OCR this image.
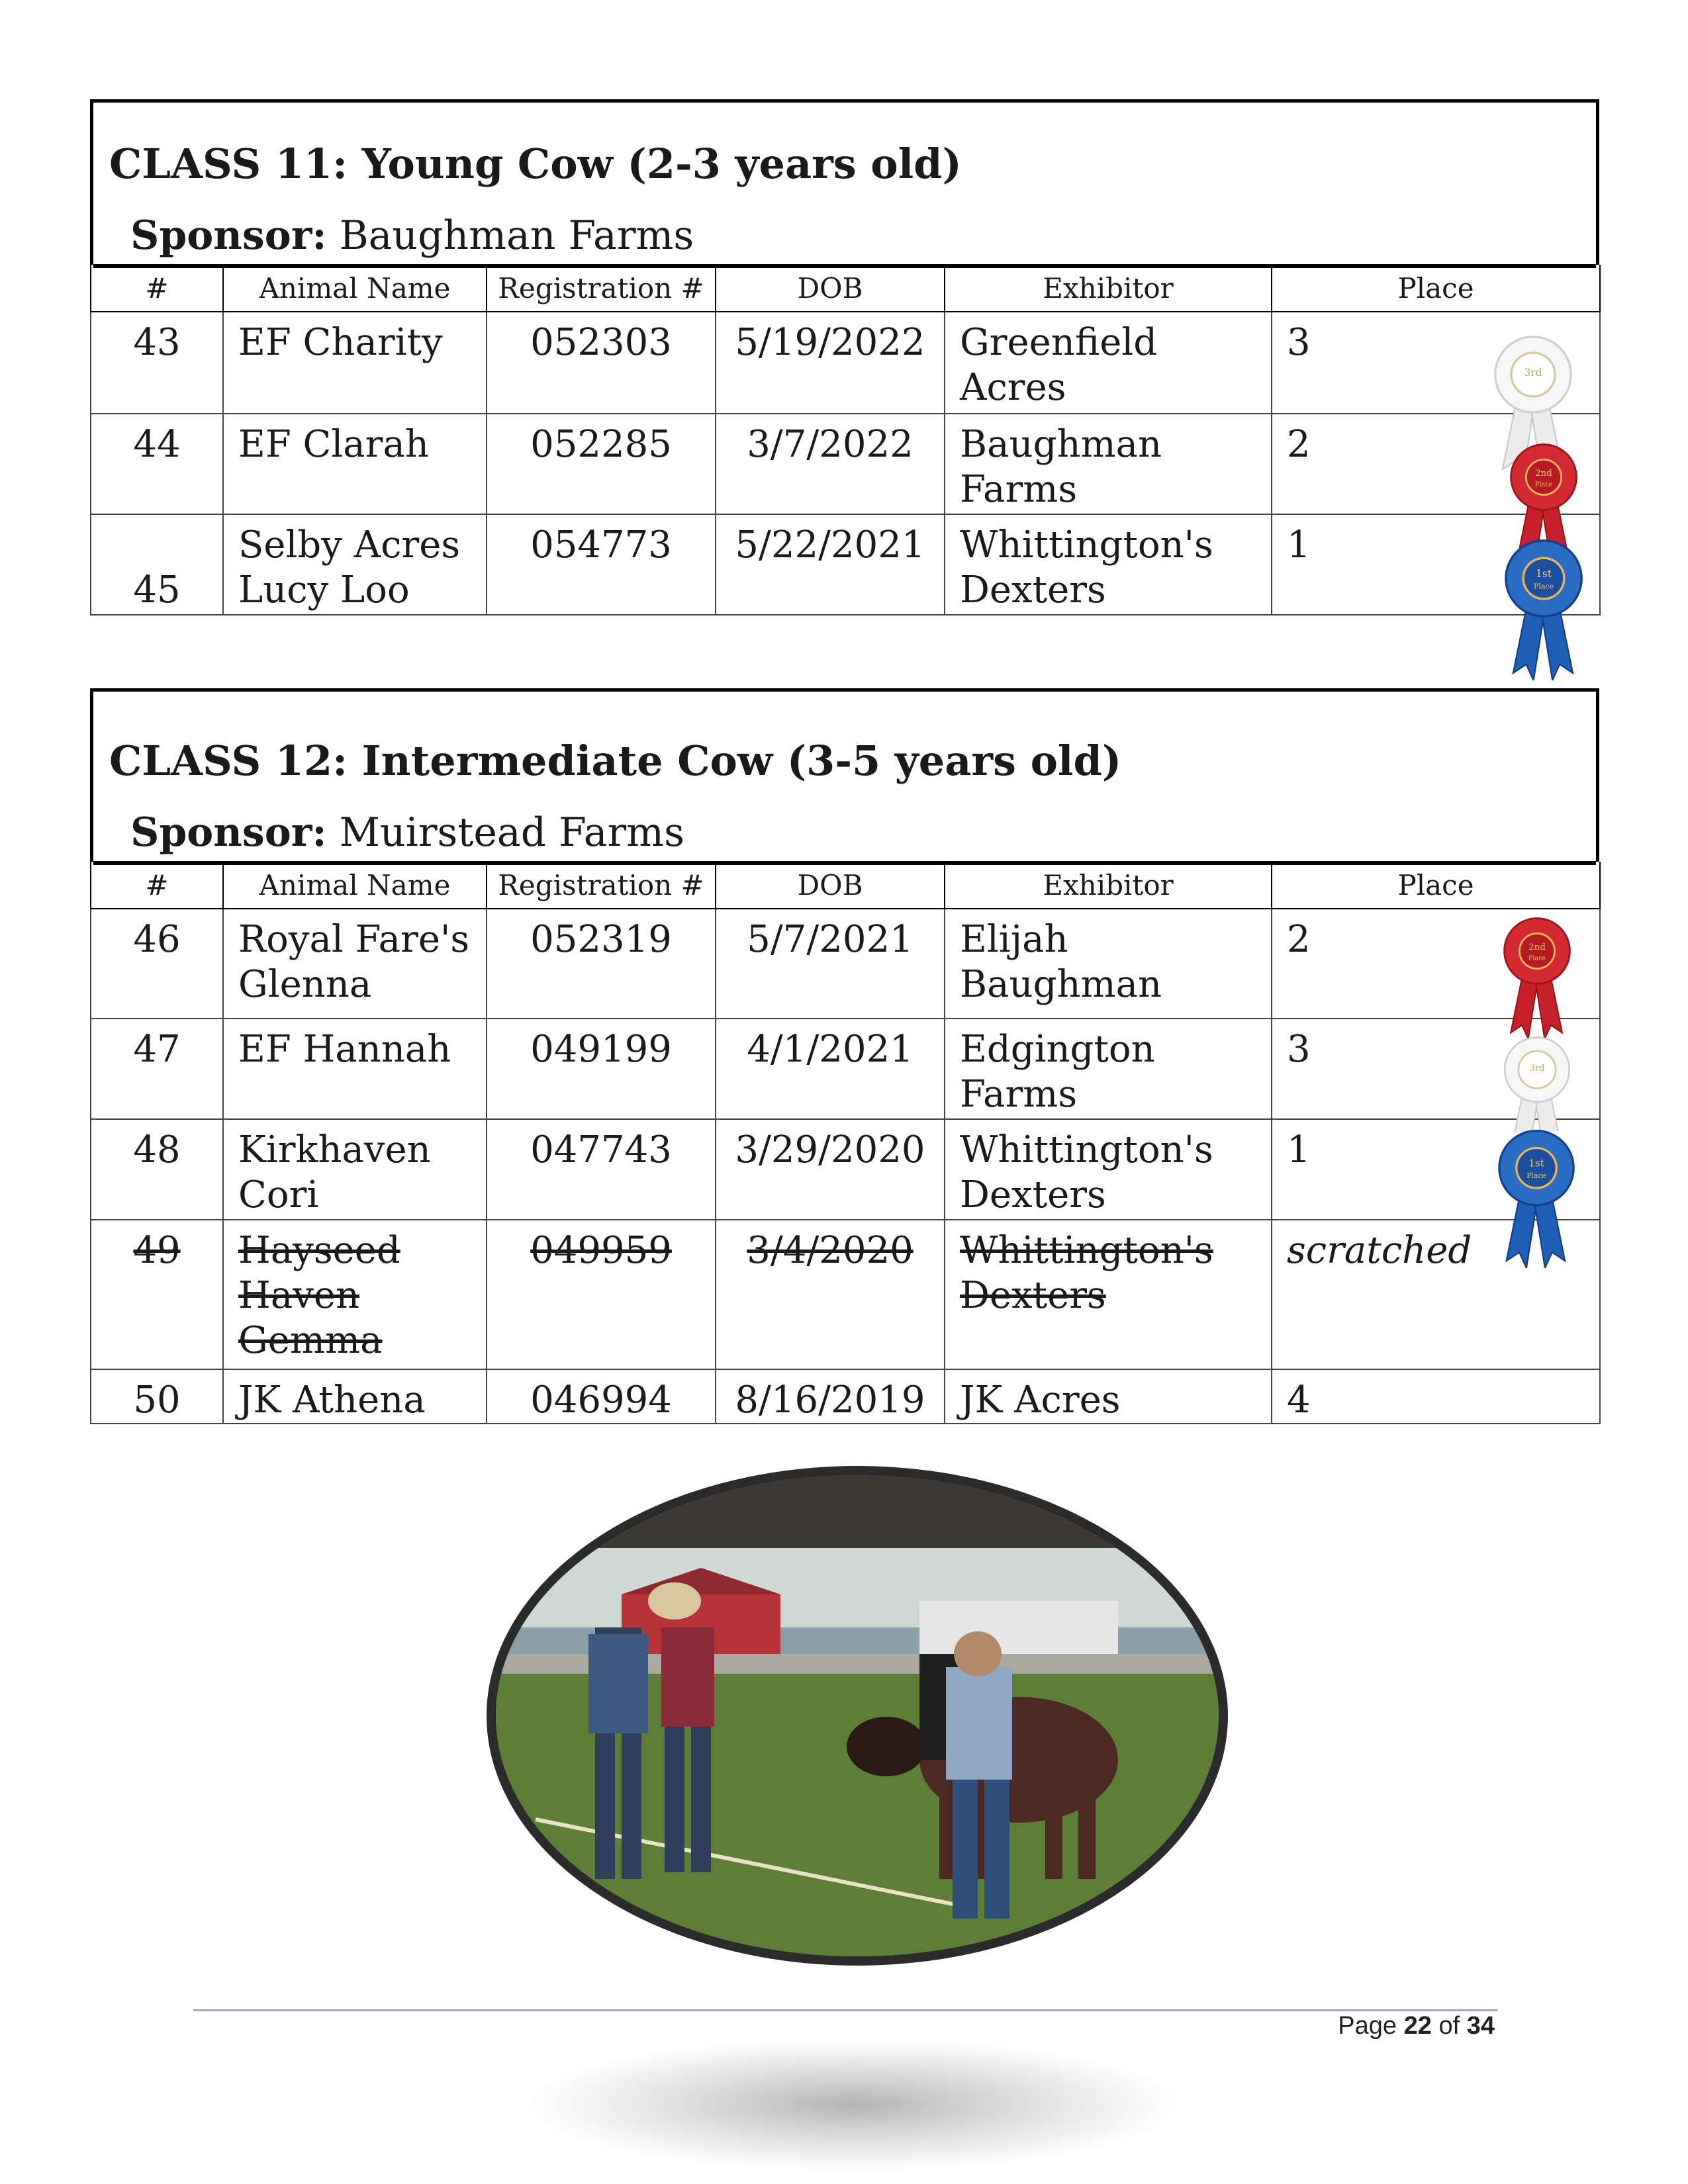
CLASS 11: Young Cow (2-3 years old)
Sponsor: Baughman Farms
#	Animal Name	Registration #	DOB	Exhibitor	Place
43	EF Charity	052303	5/19/2022	Greenfield Acres	3
44	EF Clarah	052285	3/7/2022	Baughman Farms	2
45	Selby Acres Lucy Loo	054773	5/22/2021	Whittington's Dexters	1
CLASS 12: Intermediate Cow (3-5 years old)
Sponsor: Muirstead Farms
#	Animal Name	Registration #	DOB	Exhibitor	Place
46	Royal Fare's Glenna	052319	5/7/2021	Elijah Baughman	2
47	EF Hannah	049199	4/1/2021	Edgington Farms	3
48	Kirkhaven Cori	047743	3/29/2020	Whittington's Dexters	1
49	Hayseed Haven Gemma	049959	3/4/2020	Whittington's Dexters	scratched
50	JK Athena	046994	8/16/2019	JK Acres	4
3rd
2nd
Place
1st
Place
2nd
Place
3rd
1st
Place
Page 22 of 34
